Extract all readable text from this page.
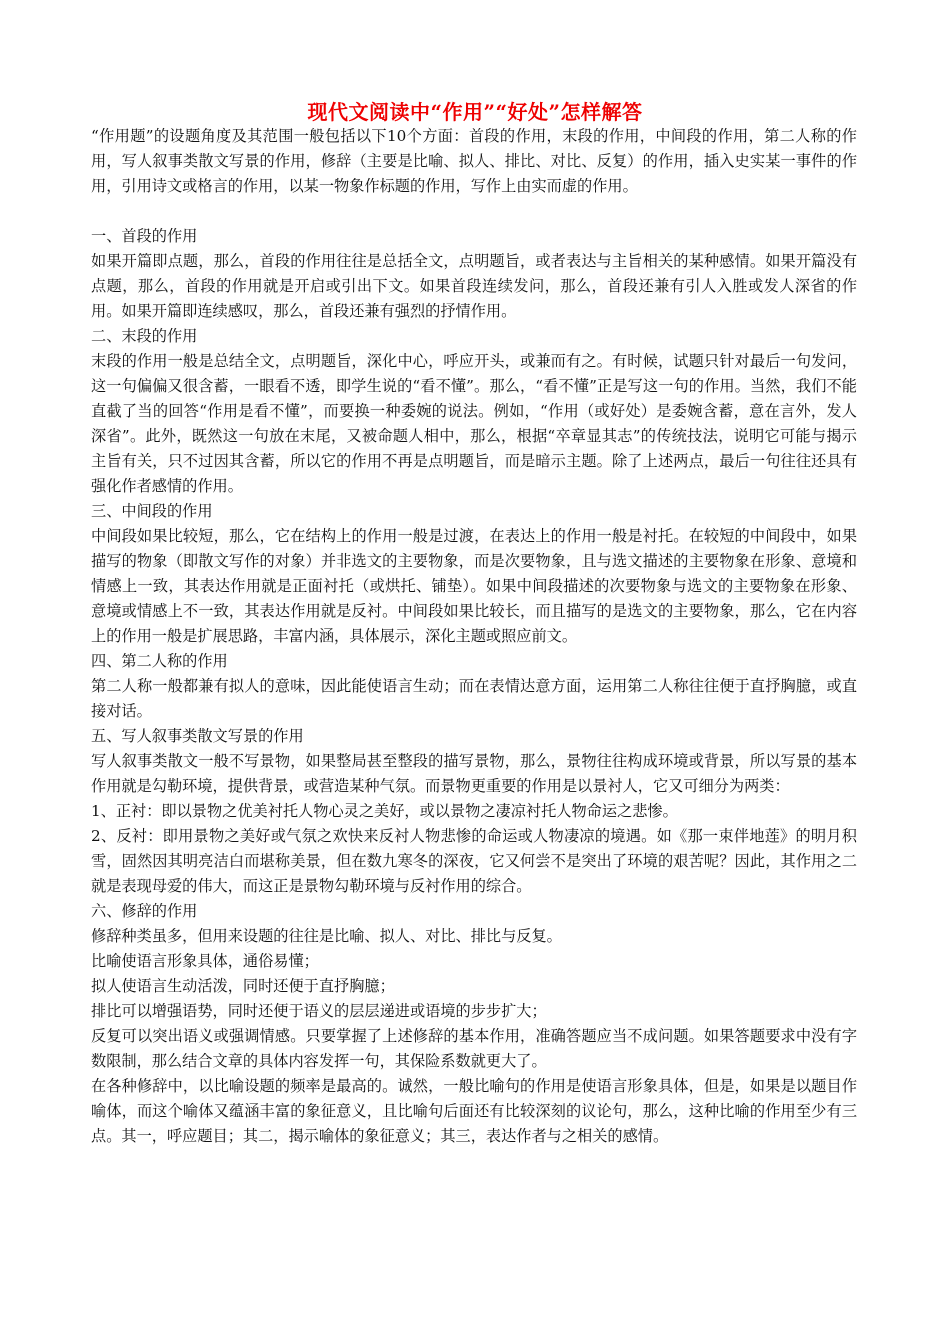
现代文阅读中“作用”“好处”怎样解答

“作用题”的设题角度及其范围一般包括以下10个方面：首段的作用，末段的作用，中间段的作用，第二人称的作用，写人叙事类散文写景的作用，修辞（主要是比喻、拟人、排比、对比、反复）的作用，插入史实某一事件的作用，引用诗文或格言的作用，以某一物象作标题的作用，写作上由实而虚的作用。

一、首段的作用

如果开篇即点题，那么，首段的作用往往是总括全文，点明题旨，或者表达与主旨相关的某种感情。如果开篇没有点题，那么，首段的作用就是开启或引出下文。如果首段连续发问，那么，首段还兼有引人入胜或发人深省的作用。如果开篇即连续感叹，那么，首段还兼有强烈的抒情作用。

二、末段的作用

末段的作用一般是总结全文，点明题旨，深化中心，呼应开头，或兼而有之。有时候，试题只针对最后一句发问，这一句偏偏又很含蓄，一眼看不透，即学生说的“看不懂”。那么，“看不懂”正是写这一句的作用。当然，我们不能直截了当的回答“作用是看不懂”，而要换一种委婉的说法。例如，“作用（或好处）是委婉含蓄，意在言外，发人深省”。此外，既然这一句放在末尾，又被命题人相中，那么，根据“卒章显其志”的传统技法，说明它可能与揭示主旨有关，只不过因其含蓄，所以它的作用不再是点明题旨，而是暗示主题。除了上述两点，最后一句往往还具有强化作者感情的作用。

三、中间段的作用

中间段如果比较短，那么，它在结构上的作用一般是过渡，在表达上的作用一般是衬托。在较短的中间段中，如果描写的物象（即散文写作的对象）并非选文的主要物象，而是次要物象，且与选文描述的主要物象在形象、意境和情感上一致，其表达作用就是正面衬托（或烘托、铺垫）。如果中间段描述的次要物象与选文的主要物象在形象、意境或情感上不一致，其表达作用就是反衬。中间段如果比较长，而且描写的是选文的主要物象，那么，它在内容上的作用一般是扩展思路，丰富内涵，具体展示，深化主题或照应前文。

四、第二人称的作用

第二人称一般都兼有拟人的意味，因此能使语言生动；而在表情达意方面，运用第二人称往往便于直抒胸臆，或直接对话。

五、写人叙事类散文写景的作用

写人叙事类散文一般不写景物，如果整局甚至整段的描写景物，那么，景物往往构成环境或背景，所以写景的基本作用就是勾勒环境，提供背景，或营造某种气氛。而景物更重要的作用是以景衬人，它又可细分为两类：

1、正衬：即以景物之优美衬托人物心灵之美好，或以景物之凄凉衬托人物命运之悲惨。

2、反衬：即用景物之美好或气氛之欢快来反衬人物悲惨的命运或人物凄凉的境遇。如《那一束伴地莲》的明月积雪，固然因其明亮洁白而堪称美景，但在数九寒冬的深夜，它又何尝不是突出了环境的艰苦呢？因此，其作用之二就是表现母爱的伟大，而这正是景物勾勒环境与反衬作用的综合。

六、修辞的作用

修辞种类虽多，但用来设题的往往是比喻、拟人、对比、排比与反复。

比喻使语言形象具体，通俗易懂；

拟人使语言生动活泼，同时还便于直抒胸臆；

排比可以增强语势，同时还便于语义的层层递进或语境的步步扩大；

反复可以突出语义或强调情感。只要掌握了上述修辞的基本作用，准确答题应当不成问题。如果答题要求中没有字数限制，那么结合文章的具体内容发挥一句，其保险系数就更大了。

在各种修辞中，以比喻设题的频率是最高的。诚然，一般比喻句的作用是使语言形象具体，但是，如果是以题目作喻体，而这个喻体又蕴涵丰富的象征意义，且比喻句后面还有比较深刻的议论句，那么，这种比喻的作用至少有三点。其一，呼应题目；其二，揭示喻体的象征意义；其三，表达作者与之相关的感情。
